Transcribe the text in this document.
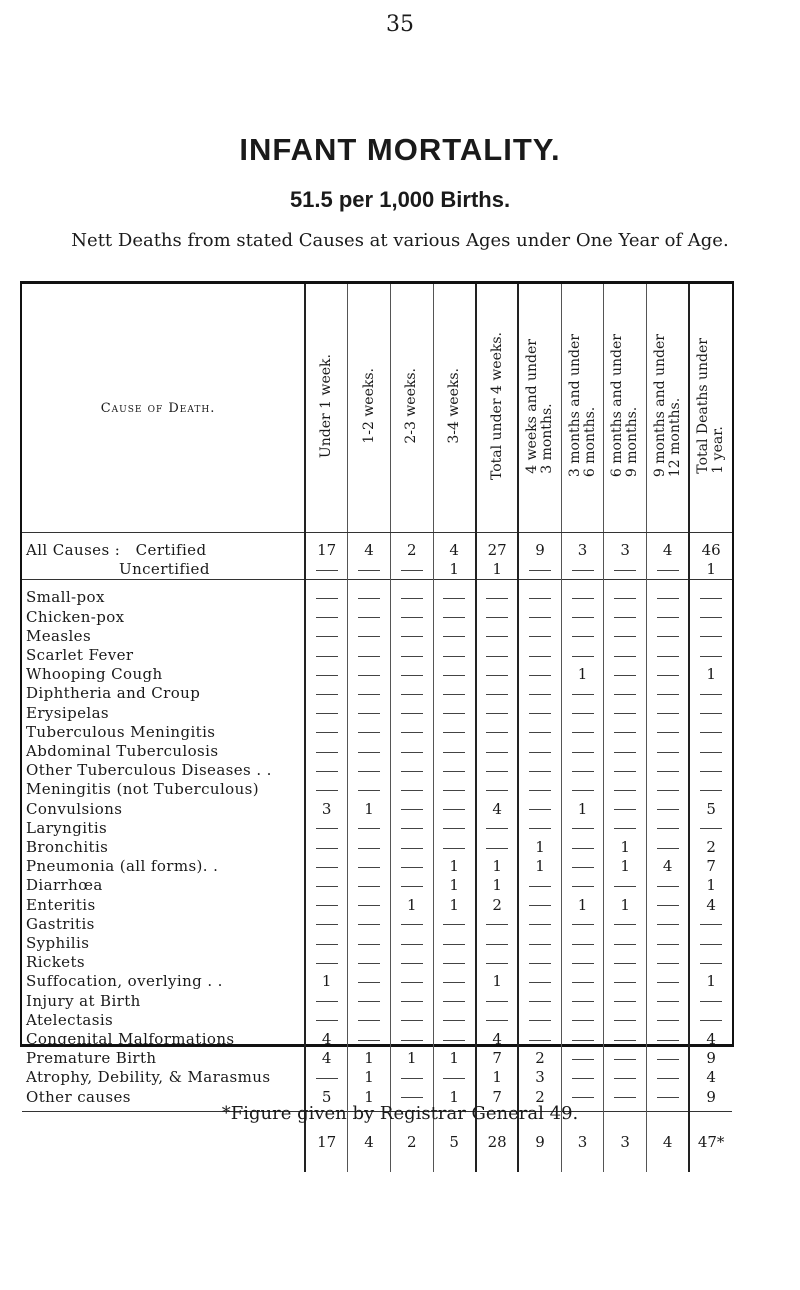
35
INFANT MORTALITY.
51.5 per 1,000 Births.
Nett Deaths from stated Causes at various Ages under One Year of Age.
Cause of Death.	Under 1 week.	1-2 weeks.	2-3 weeks.	3-4 weeks.	Total under 4 weeks.	4 weeks and under
3 months.	3 months and under
6 months.	6 months and under
9 months.	9 months and under
12 months.	Total Deaths under
1 year.

All Causes :   Certified	17	4	2	4	27	9	3	3	4	46
Uncertified				1	1					1

Small-pox										
Chicken-pox										
Measles										
Scarlet Fever										
Whooping Cough							1			1
Diphtheria and Croup										
Erysipelas										
Tuberculous Meningitis										
Abdominal Tuberculosis										
Other Tuberculous Diseases . .										
Meningitis (not Tuberculous)										
Convulsions	3	1			4		1			5
Laryngitis										
Bronchitis						1		1		2
Pneumonia (all forms). .				1	1	1		1	4	7
Diarrhœa				1	1					1
Enteritis			1	1	2		1	1		4
Gastritis										
Syphilis										
Rickets										
Suffocation, overlying . .	1				1					1
Injury at Birth										
Atelectasis										
Congenital Malformations	4				4					4
Premature Birth	4	1	1	1	7	2				9
Atrophy, Debility, & Marasmus		1			1	3				4
Other causes	5	1		1	7	2				9

	17	4	2	5	28	9	3	3	4	47*
*Figure given by Registrar General 49.
